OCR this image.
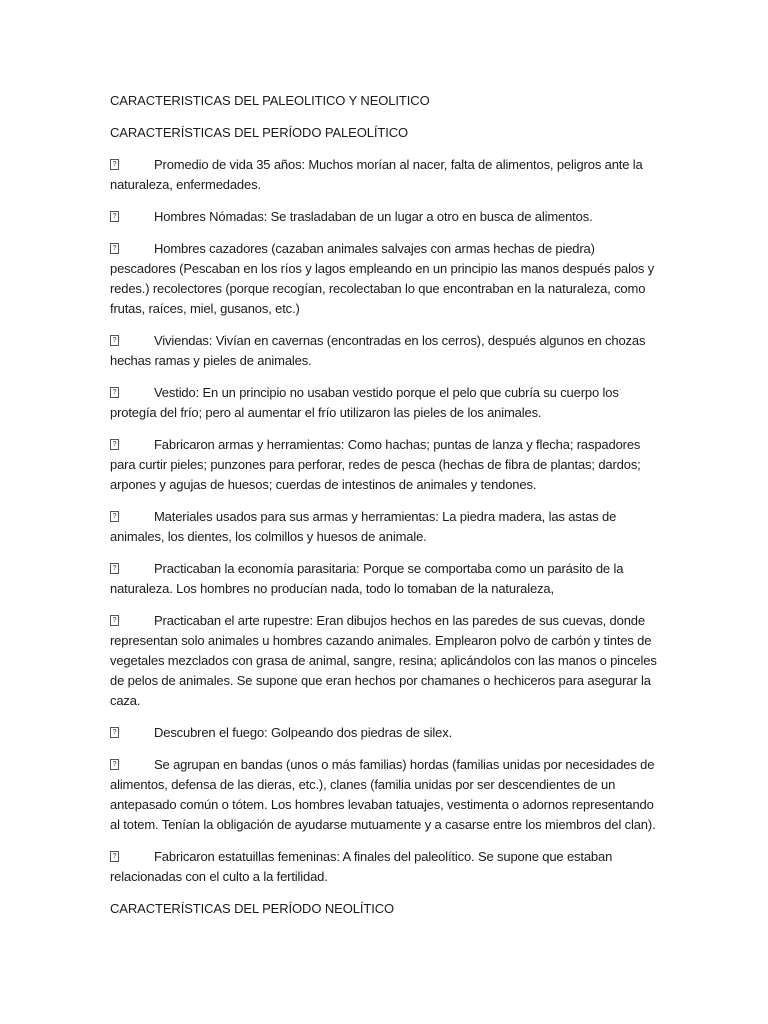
CARACTERISTICAS DEL PALEOLITICO Y NEOLITICO

CARACTERÍSTICAS DEL PERÍODO PALEOLÍTICO

?Promedio de vida 35 años: Muchos morían al nacer, falta de alimentos, peligros ante la naturaleza, enfermedades.

?Hombres Nómadas: Se trasladaban de un lugar a otro en busca de alimentos.

?Hombres cazadores (cazaban animales salvajes con armas hechas de piedra) pescadores (Pescaban en los ríos y lagos empleando en un principio las manos después palos y redes.) recolectores (porque recogían, recolectaban lo que encontraban en la naturaleza, como frutas, raíces, miel, gusanos, etc.)

?Viviendas: Vivían en cavernas (encontradas en los cerros), después algunos en chozas hechas ramas y pieles de animales.

?Vestido: En un principio no usaban vestido porque el pelo que cubría su cuerpo los protegía del frío; pero al aumentar el frío utilizaron las pieles de los animales.

?Fabricaron armas y herramientas: Como hachas; puntas de lanza y flecha; raspadores para curtir pieles; punzones para perforar, redes de pesca (hechas de fibra de plantas; dardos; arpones y agujas de huesos; cuerdas de intestinos de animales y tendones.

?Materiales usados para sus armas y herramientas: La piedra madera, las astas de animales, los dientes, los colmillos y huesos de animale.

?Practicaban la economía parasitaria: Porque se comportaba como un parásito de la naturaleza. Los hombres no producían nada, todo lo tomaban de la naturaleza,

?Practicaban el arte rupestre: Eran dibujos hechos en las paredes de sus cuevas, donde representan solo animales u hombres cazando animales. Emplearon polvo de carbón y tintes de vegetales mezclados con grasa de animal, sangre, resina; aplicándolos con las manos o pinceles de pelos de animales. Se supone que eran hechos por chamanes o hechiceros para asegurar la caza.

?Descubren el fuego: Golpeando dos piedras de silex.

?Se agrupan en bandas (unos o más familias) hordas (familias unidas por necesidades de alimentos, defensa de las dieras, etc.), clanes (familia unidas por ser descendientes de un antepasado común o tótem. Los hombres levaban tatuajes, vestimenta o adornos representando al totem. Tenían la obligación de ayudarse mutuamente y a casarse entre los miembros del clan).

?Fabricaron estatuillas femeninas: A finales del paleolítico. Se supone que estaban relacionadas con el culto a la fertilidad.

CARACTERÍSTICAS DEL PERÍODO NEOLÍTICO
